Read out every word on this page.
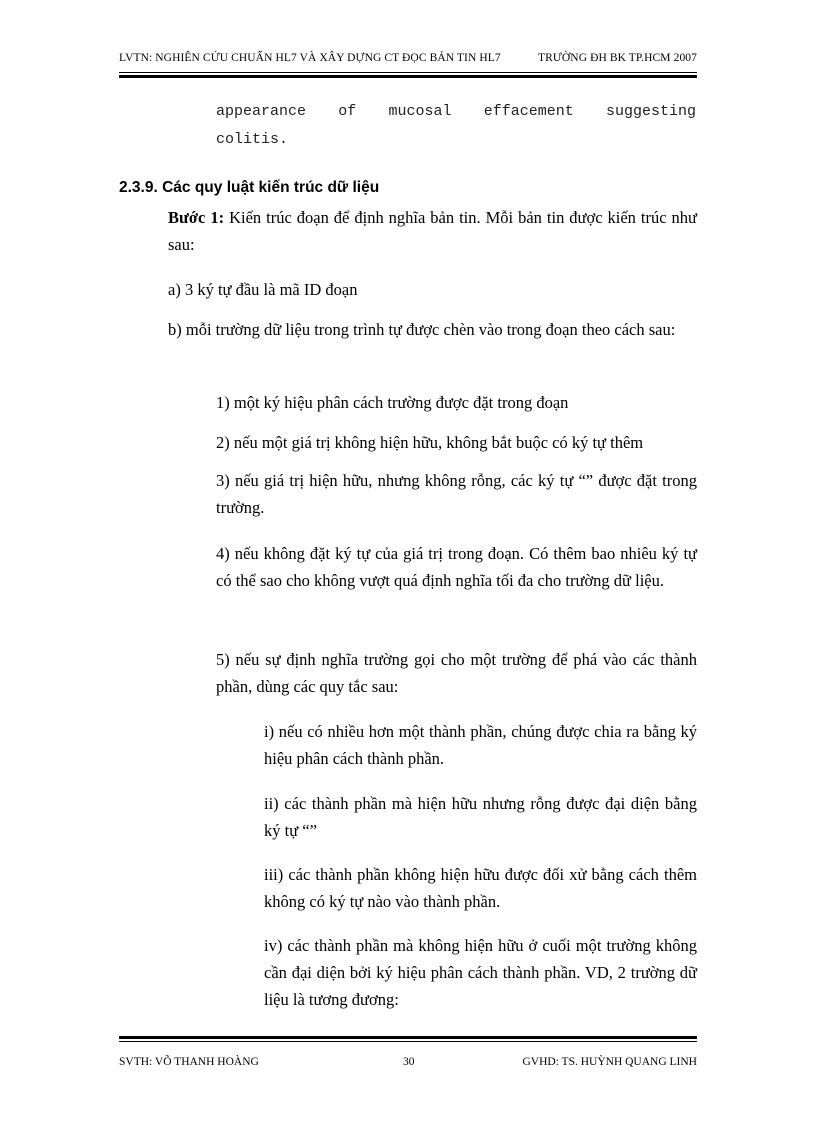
LVTN: NGHIÊN CỨU CHUẨN HL7 VÀ XÂY DỰNG CT ĐỌC BẢN TIN HL7	TRƯỜNG ĐH BK TP.HCM 2007
appearance of mucosal effacement suggesting
colitis.
2.3.9. Các quy luật kiến trúc dữ liệu
Bước 1: Kiến trúc đoạn để định nghĩa bản tin. Mỗi bản tin được kiến trúc như sau:
a) 3 ký tự đầu là mã ID đoạn
b) mỗi trường dữ liệu trong trình tự được chèn vào trong đoạn theo cách sau:
1) một ký hiệu phân cách trường được đặt trong đoạn
2) nếu một giá trị không hiện hữu, không bắt buộc có ký tự thêm
3) nếu giá trị hiện hữu, nhưng không rỗng, các ký tự “” được đặt trong trường.
4) nếu không đặt ký tự của giá trị trong đoạn. Có thêm bao nhiêu ký tự có thể sao cho không vượt quá định nghĩa tối đa cho trường dữ liệu.
5) nếu sự định nghĩa trường gọi cho một trường để phá vào các thành phần, dùng các quy tắc sau:
i) nếu có nhiều hơn một thành phần, chúng được chia ra bằng ký hiệu phân cách thành phần.
ii) các thành phần mà hiện hữu nhưng rỗng được đại diện bằng ký tự “”
iii) các thành phần không hiện hữu được đối xử bằng cách thêm không có ký tự nào vào thành phần.
iv) các thành phần mà không hiện hữu ở cuối một trường không cần đại diện bởi ký hiệu phân cách thành phần. VD, 2 trường dữ liệu là tương đương:
SVTH: VÕ THANH HOÀNG	30	GVHD: TS. HUỲNH QUANG LINH
